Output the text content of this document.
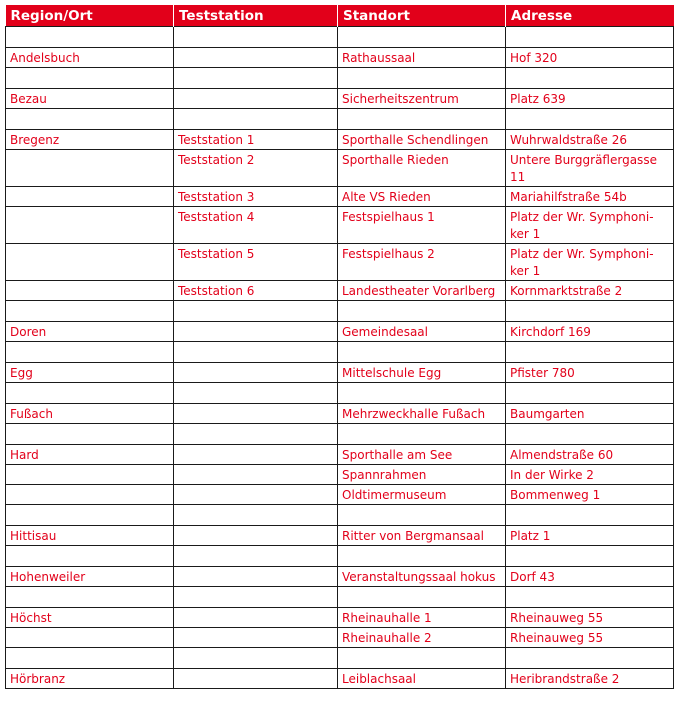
Region/Ort	Teststation	Standort	Adresse

Andelsbuch		Rathaussaal	Hof 320

Bezau		Sicherheitszentrum	Platz 639

Bregenz	Teststation 1	Sporthalle Schendlingen	Wuhrwaldstraße 26
	Teststation 2	Sporthalle Rieden	Untere Burggräflergasse 11
	Teststation 3	Alte VS Rieden	Mariahilfstraße 54b
	Teststation 4	Festspielhaus 1	Platz der Wr. Symphoni-ker 1
	Teststation 5	Festspielhaus 2	Platz der Wr. Symphoni-ker 1
	Teststation 6	Landestheater Vorarlberg	Kornmarktstraße 2

Doren		Gemeindesaal	Kirchdorf 169

Egg		Mittelschule Egg	Pfister 780

Fußach		Mehrzweckhalle Fußach	Baumgarten

Hard		Sporthalle am See	Almendstraße 60
		Spannrahmen	In der Wirke 2
		Oldtimermuseum	Bommenweg 1

Hittisau		Ritter von Bergmansaal	Platz 1

Hohenweiler		Veranstaltungssaal hokus	Dorf 43

Höchst		Rheinauhalle 1	Rheinauweg 55
		Rheinauhalle 2	Rheinauweg 55

Hörbranz		Leiblachsaal	Heribrandstraße 2
